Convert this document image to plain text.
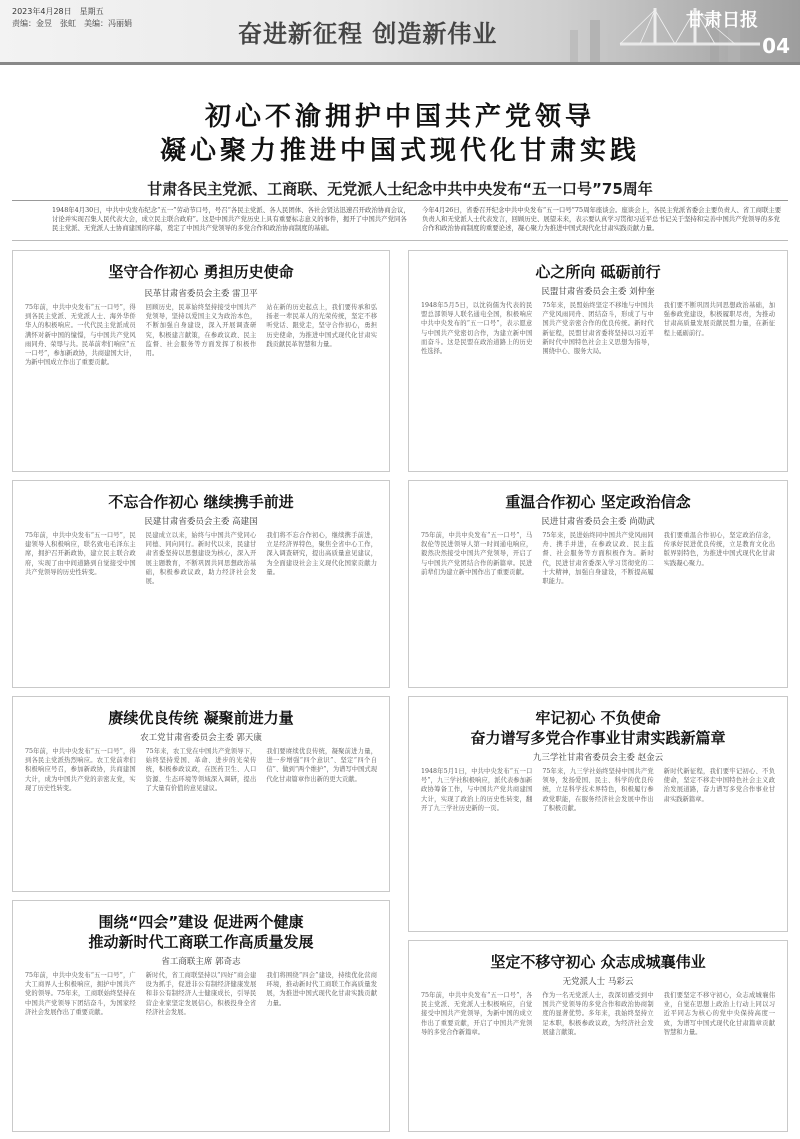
2023年4月28日　 星期五
责编：金昱　张虹　美编：冯丽娟	奋进新征程 创造新伟业	甘肃日报
04
初心不渝拥护中国共产党领导
凝心聚力推进中国式现代化甘肃实践
甘肃各民主党派、工商联、无党派人士纪念中共中央发布“五一口号”75周年
1948年4月30日，中共中央发布纪念“五一”劳动节口号，号召“各民主党派、各人民团体、各社会贤达迅速召开政治协商会议，讨论并实现召集人民代表大会，成立民主联合政府”。这是中国共产党历史上具有重要标志意义的事件，揭开了中国共产党同各民主党派、无党派人士协商建国的序幕，奠定了中国共产党领导的多党合作和政治协商制度的基础。
今年4月26日，省委召开纪念中共中央发布“五一口号”75周年座谈会。座谈会上，各民主党派省委会主要负责人、省工商联主要负责人和无党派人士代表发言，回顾历史、展望未来，表示要认真学习贯彻习近平总书记关于坚持和完善中国共产党领导的多党合作和政治协商制度的重要论述，凝心聚力为推进中国式现代化甘肃实践贡献力量。
坚守合作初心 勇担历史使命
民革甘肃省委员会主委 雷卫平
75年前，中共中央发布“五一口号”，得到各民主党派、无党派人士、海外华侨华人的积极响应。一代代民主党派成员满怀对新中国的憧憬，与中国共产党风雨同舟、荣辱与共。民革前辈们响应“五一口号”，参加新政协，共商建国大计，为新中国成立作出了重要贡献。
回顾历史，民革始终坚持接受中国共产党领导，坚持以爱国主义为政治本色，不断加强自身建设，深入开展调查研究，积极建言献策，在参政议政、民主监督、社会服务等方面发挥了积极作用。
站在新的历史起点上，我们要传承和弘扬老一辈民革人的光荣传统，坚定不移听党话、跟党走，坚守合作初心，勇担历史使命，为推进中国式现代化甘肃实践贡献民革智慧和力量。
心之所向 砥砺前行
民盟甘肃省委员会主委 刘仲奎
1948年5月5日，以沈钧儒为代表的民盟总部领导人联名通电全国，积极响应中共中央发布的“五一口号”，表示愿意与中国共产党密切合作，为建立新中国而奋斗。这是民盟在政治道路上的历史性选择。
75年来，民盟始终坚定不移地与中国共产党风雨同舟、团结奋斗，形成了与中国共产党亲密合作的优良传统。新时代新征程，民盟甘肃省委将坚持以习近平新时代中国特色社会主义思想为指导，围绕中心、服务大局。
我们要不断巩固共同思想政治基础，加强参政党建设，积极履职尽责，为推动甘肃高质量发展贡献民盟力量，在新征程上砥砺前行。
不忘合作初心 继续携手前进
民建甘肃省委员会主委 高建国
75年前，中共中央发布“五一口号”，民建领导人积极响应，联名致电毛泽东主席，拥护召开新政协，建立民主联合政府，实现了由中间道路到自觉接受中国共产党领导的历史性转变。
民建成立以来，始终与中国共产党同心同德、同向同行。新时代以来，民建甘肃省委坚持以思想建设为核心，深入开展主题教育，不断巩固共同思想政治基础，积极参政议政，助力经济社会发展。
我们将不忘合作初心，继续携手前进，立足经济界特色，聚焦全省中心工作，深入调查研究，提出高质量意见建议，为全面建设社会主义现代化国家贡献力量。
重温合作初心 坚定政治信念
民进甘肃省委员会主委 尚勋武
75年前，中共中央发布“五一口号”，马叙伦等民进领导人第一时间通电响应，毅然决然接受中国共产党领导，开启了与中国共产党团结合作的新篇章。民进前辈们为建立新中国作出了重要贡献。
75年来，民进始终同中国共产党风雨同舟、携手并进，在参政议政、民主监督、社会服务等方面积极作为。新时代，民进甘肃省委深入学习贯彻党的二十大精神，加强自身建设，不断提高履职能力。
我们要重温合作初心，坚定政治信念，传承好民进优良传统，立足教育文化出版界别特色，为推进中国式现代化甘肃实践凝心聚力。
赓续优良传统 凝聚前进力量
农工党甘肃省委员会主委 郭天康
75年前，中共中央发布“五一口号”，得到各民主党派热烈响应。农工党前辈们积极响应号召，参加新政协，共商建国大计，成为中国共产党的亲密友党，实现了历史性转变。
75年来，农工党在中国共产党领导下，始终坚持爱国、革命、进步的光荣传统，积极参政议政，在医药卫生、人口资源、生态环境等领域深入调研，提出了大量有价值的意见建议。
我们要赓续优良传统，凝聚前进力量，进一步增强“四个意识”、坚定“四个自信”、做到“两个维护”，为谱写中国式现代化甘肃篇章作出新的更大贡献。
牢记初心 不负使命
奋力谱写多党合作事业甘肃实践新篇章
九三学社甘肃省委员会主委 赵金云
1948年5月1日，中共中央发布“五一口号”，九三学社积极响应，派代表参加新政协筹备工作，与中国共产党共商建国大计，实现了政治上的历史性转变，翻开了九三学社历史新的一页。
75年来，九三学社始终坚持中国共产党领导，发扬爱国、民主、科学的优良传统，立足科学技术界特色，积极履行参政党职能，在服务经济社会发展中作出了积极贡献。
新时代新征程，我们要牢记初心、不负使命，坚定不移走中国特色社会主义政治发展道路，奋力谱写多党合作事业甘肃实践新篇章。
围绕“四会”建设 促进两个健康
推动新时代工商联工作高质量发展
省工商联主席 郭奇志
75年前，中共中央发布“五一口号”，广大工商界人士积极响应，拥护中国共产党的领导。75年来，工商联始终坚持在中国共产党领导下团结奋斗，为国家经济社会发展作出了重要贡献。
新时代，省工商联坚持以“四好”商会建设为抓手，促进非公有制经济健康发展和非公有制经济人士健康成长，引导民营企业家坚定发展信心，积极投身全省经济社会发展。
我们将围绕“四会”建设，持续优化营商环境，推动新时代工商联工作高质量发展，为推进中国式现代化甘肃实践贡献力量。
坚定不移守初心 众志成城襄伟业
无党派人士 马彩云
75年前，中共中央发布“五一口号”，各民主党派、无党派人士积极响应，自觉接受中国共产党领导，为新中国的成立作出了重要贡献，开启了中国共产党领导的多党合作新篇章。
作为一名无党派人士，我深切感受到中国共产党领导的多党合作和政治协商制度的显著优势。多年来，我始终坚持立足本职，积极参政议政，为经济社会发展建言献策。
我们要坚定不移守初心，众志成城襄伟业，自觉在思想上政治上行动上同以习近平同志为核心的党中央保持高度一致，为谱写中国式现代化甘肃篇章贡献智慧和力量。
